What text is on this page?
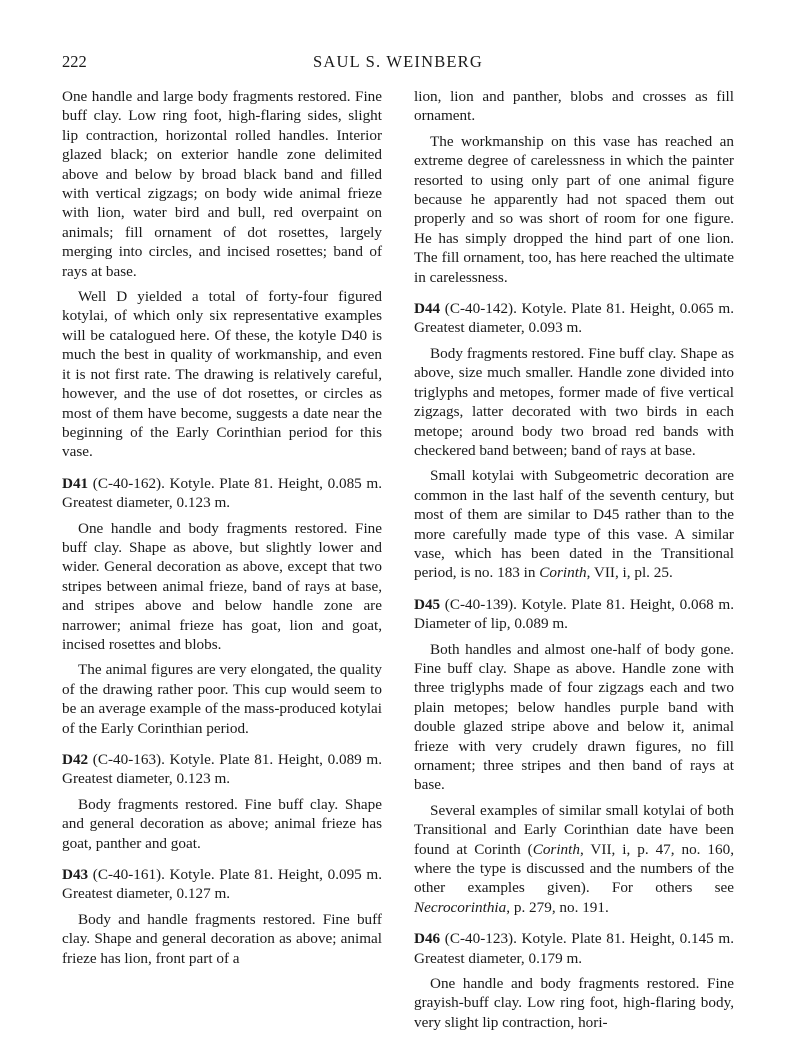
222	SAUL S. WEINBERG

One handle and large body fragments restored. Fine buff clay. Low ring foot, high-flaring sides, slight lip contraction, horizontal rolled handles. Interior glazed black; on exterior handle zone delimited above and below by broad black band and filled with vertical zigzags; on body wide animal frieze with lion, water bird and bull, red overpaint on animals; fill ornament of dot rosettes, largely merging into circles, and incised rosettes; band of rays at base.

Well D yielded a total of forty-four figured kotylai, of which only six representative examples will be catalogued here. Of these, the kotyle D40 is much the best in quality of workmanship, and even it is not first rate. The drawing is relatively careful, however, and the use of dot rosettes, or circles as most of them have become, suggests a date near the beginning of the Early Corinthian period for this vase.

D41 (C-40-162). Kotyle. Plate 81. Height, 0.085 m. Greatest diameter, 0.123 m.

One handle and body fragments restored. Fine buff clay. Shape as above, but slightly lower and wider. General decoration as above, except that two stripes between animal frieze, band of rays at base, and stripes above and below handle zone are narrower; animal frieze has goat, lion and goat, incised rosettes and blobs.

The animal figures are very elongated, the quality of the drawing rather poor. This cup would seem to be an average example of the mass-produced kotylai of the Early Corinthian period.

D42 (C-40-163). Kotyle. Plate 81. Height, 0.089 m. Greatest diameter, 0.123 m.

Body fragments restored. Fine buff clay. Shape and general decoration as above; animal frieze has goat, panther and goat.

D43 (C-40-161). Kotyle. Plate 81. Height, 0.095 m. Greatest diameter, 0.127 m.

Body and handle fragments restored. Fine buff clay. Shape and general decoration as above; animal frieze has lion, front part of a

lion, lion and panther, blobs and crosses as fill ornament.

The workmanship on this vase has reached an extreme degree of carelessness in which the painter resorted to using only part of one animal figure because he apparently had not spaced them out properly and so was short of room for one figure. He has simply dropped the hind part of one lion. The fill ornament, too, has here reached the ultimate in carelessness.

D44 (C-40-142). Kotyle. Plate 81. Height, 0.065 m. Greatest diameter, 0.093 m.

Body fragments restored. Fine buff clay. Shape as above, size much smaller. Handle zone divided into triglyphs and metopes, former made of five vertical zigzags, latter decorated with two birds in each metope; around body two broad red bands with checkered band between; band of rays at base.

Small kotylai with Subgeometric decoration are common in the last half of the seventh century, but most of them are similar to D45 rather than to the more carefully made type of this vase. A similar vase, which has been dated in the Transitional period, is no. 183 in Corinth, VII, i, pl. 25.

D45 (C-40-139). Kotyle. Plate 81. Height, 0.068 m. Diameter of lip, 0.089 m.

Both handles and almost one-half of body gone. Fine buff clay. Shape as above. Handle zone with three triglyphs made of four zigzags each and two plain metopes; below handles purple band with double glazed stripe above and below it, animal frieze with very crudely drawn figures, no fill ornament; three stripes and then band of rays at base.

Several examples of similar small kotylai of both Transitional and Early Corinthian date have been found at Corinth (Corinth, VII, i, p. 47, no. 160, where the type is discussed and the numbers of the other examples given). For others see Necrocorinthia, p. 279, no. 191.

D46 (C-40-123). Kotyle. Plate 81. Height, 0.145 m. Greatest diameter, 0.179 m.

One handle and body fragments restored. Fine grayish-buff clay. Low ring foot, high-flaring body, very slight lip contraction, hori-
